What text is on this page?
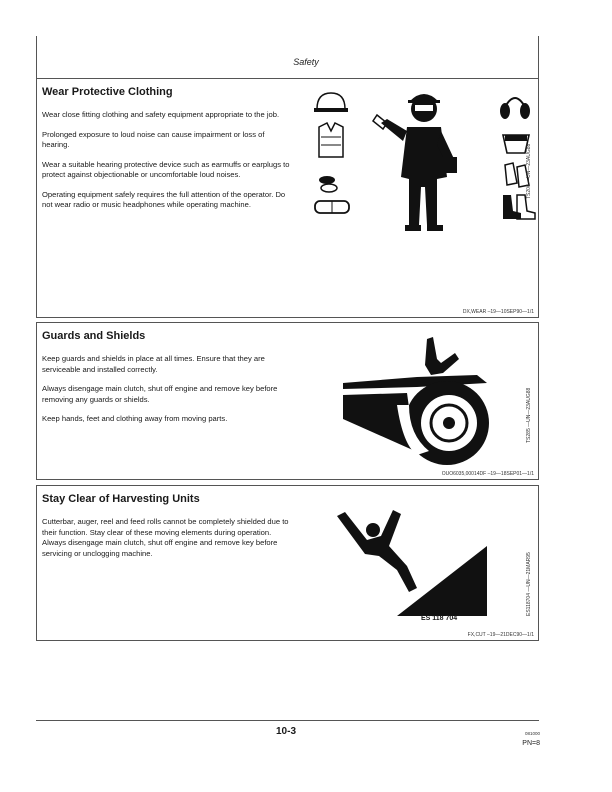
Safety
Wear Protective Clothing

Wear close fitting clothing and safety equipment appropriate to the job.

Prolonged exposure to loud noise can cause impairment or loss of hearing.

Wear a suitable hearing protective device such as earmuffs or earplugs to protect against objectionable or uncomfortable loud noises.

Operating equipment safely requires the full attention of the operator. Do not wear radio or music headphones while operating machine.

TS206 —UN—23AUG88
DX,WEAR –19—10SEP90—1/1
Guards and Shields

Keep guards and shields in place at all times. Ensure that they are serviceable and installed correctly.

Always disengage main clutch, shut off engine and remove key before removing any guards or shields.

Keep hands, feet and clothing away from moving parts.	TS285 —UN—23AUG88
OUO6035,00014DF –19—18SEP01—1/1
Stay Clear of Harvesting Units

Cutterbar, auger, reel and feed rolls cannot be completely shielded due to their function. Stay clear of these moving elements during operation. Always disengage main clutch, shut off engine and remove key before servicing or unclogging machine.

ES 118 704
ES118704 —UN—21MAR95
FX,CUT –19—21DEC90—1/1
10-3	081000
PN=8
